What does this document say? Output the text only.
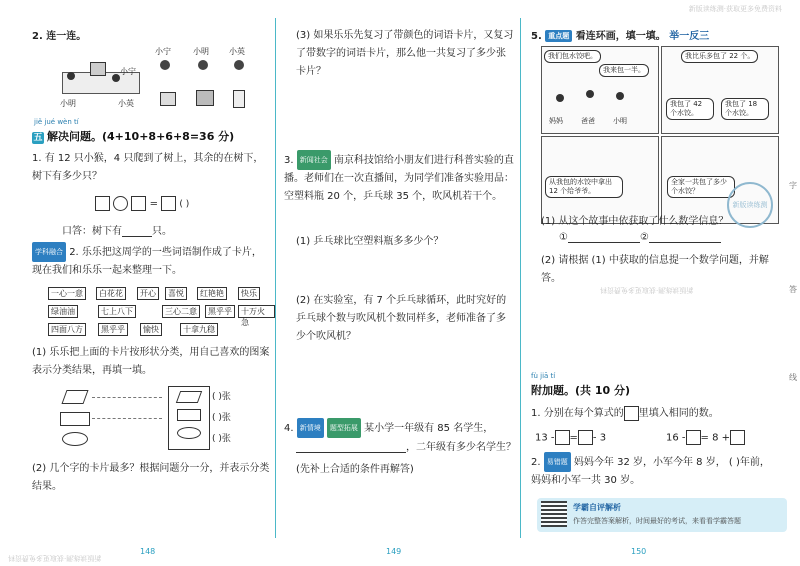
新版读练测·获取更多免费资料
新版读练测·获取更多免费资料
新版读练测·获取更多免费资料
2. 连一连。
小宁	小明	小英
小宁
小明	小英
jiě jué wèn tí
五 解决问题。(4+10+8+6+8=36 分)
1. 有 12 只小猴，4 只爬到了树上，其余的在树下，树下有多少只？
= ( )
口答：树下有	只。
学科融合 2. 乐乐把这周学的一些词语制作成了卡片，现在我们和乐乐一起来整理一下。
一心一意	白花花	开心	喜悦	红艳艳	快乐
绿油油	七上八下	三心二意	黑乎乎	十万火急
四面八方	黑乎乎	愉快	十拿九稳
(1) 乐乐把上面的卡片按形状分类，用自己喜欢的图案表示分类结果，再填一填。
( )张
( )张
( )张
(2) 几个字的卡片最多？根据问题分一分，并表示分类结果。
148
(3) 如果乐乐先复习了带颜色的词语卡片，又复习了带数字的词语卡片，那么他一共复习了多少张卡片？
3. 新闻社会 南京科技馆给小朋友们进行科普实验的直播。老师们在一次直播间，为同学们准备实验用品：空塑料瓶 20 个，乒乓球 35 个，吹风机若干个。
(1) 乒乓球比空塑料瓶多多少个？
(2) 在实验室，有 7 个乒乓球循环，此时究好的乒乓球个数与吹风机个数同样多，老师准备了多少个吹风机？
4. 新情境 题型拓展 某小学一年级有 85 名学生，
，二年级有多少名学生？
(先补上合适的条件再解答)
149
5. 重点题 看连环画，填一填。 举一反三
我们包水饺吧。
我来包一半。
我比乐多包了 22 个。
我包了 42 个水饺。
我包了 18 个水饺。
从我包的水饺中拿出 12 个给爷爷。
全家一共包了多少个水饺？
妈妈	爸爸	小明
新版读练测
(1) 从这个故事中依获取了什么数学信息？
①	②
(2) 请根据 (1) 中获取的信息提一个数学问题，并解答。
fù jiā tí
附加题。(共 10 分)
1. 分别在每个算式的 里填入相同的数。
13 - = - 3	16 - = 8 +
2. 易错题 妈妈今年 32 岁，小军今年 8 岁， ( )年前，妈妈和小军一共 30 岁。
学霸自评解析
作答完整答案解析，时间最好的考试，来看看学霸答题
字
答
线
150
